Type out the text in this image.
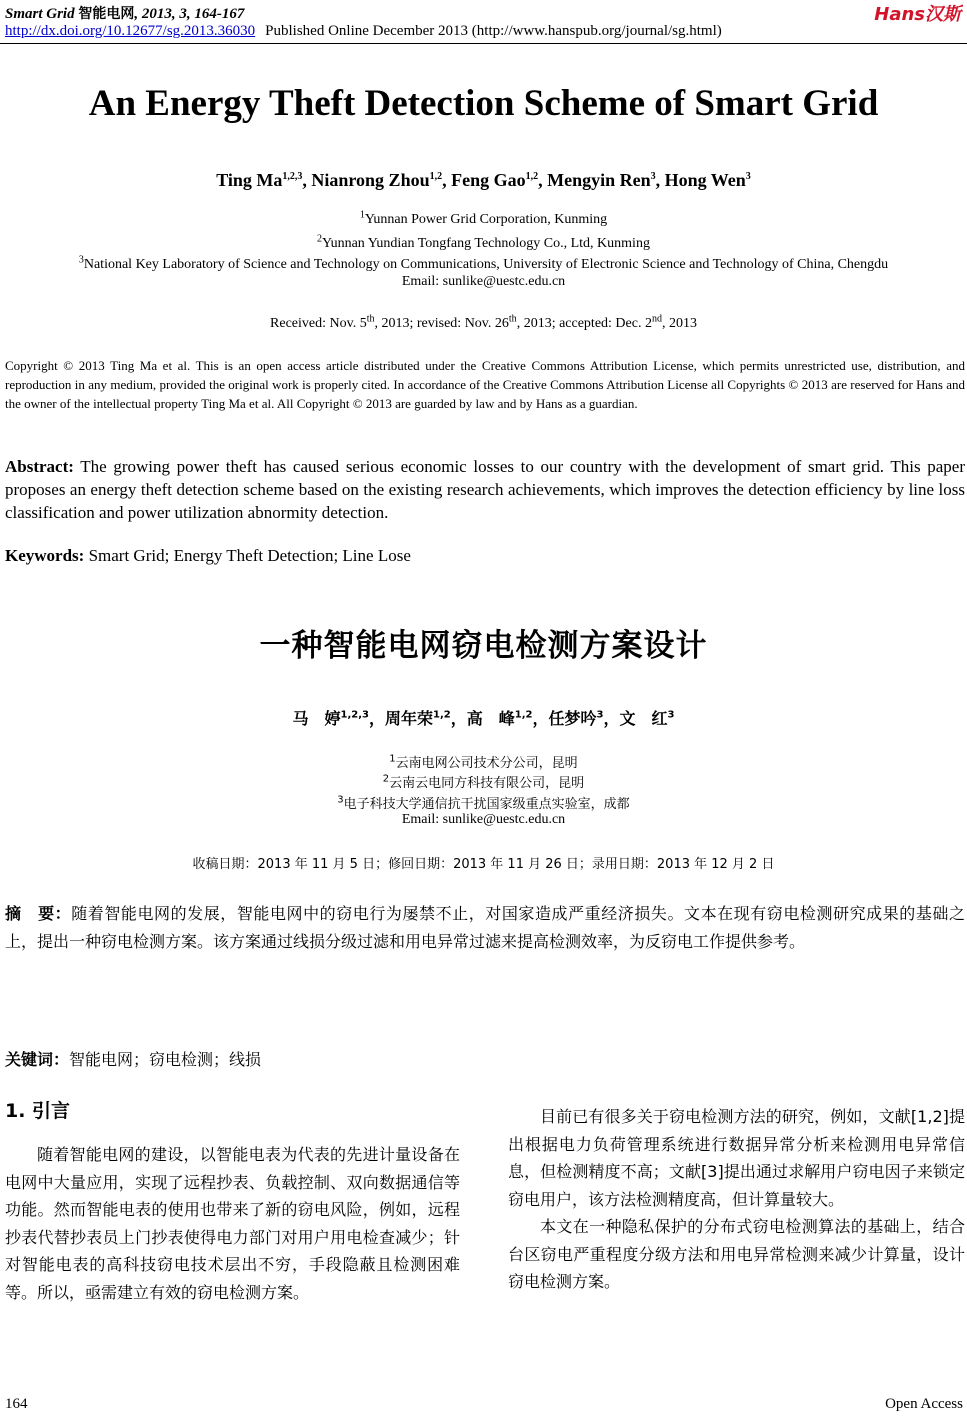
Smart Grid 智能电网, 2013, 3, 164-167
http://dx.doi.org/10.12677/sg.2013.36030 Published Online December 2013 (http://www.hanspub.org/journal/sg.html)
Hans汉斯
An Energy Theft Detection Scheme of Smart Grid
Ting Ma$^{1,2,3}$, Nianrong Zhou$^{1,2}$, Feng Gao$^{1,2}$, Mengyin Ren$^3$, Hong Wen$^3$
$^1$Yunnan Power Grid Corporation, Kunming
$^2$Yunnan Yundian Tongfang Technology Co., Ltd, Kunming
$^3$National Key Laboratory of Science and Technology on Communications, University of Electronic Science and Technology of China, Chengdu
Email: sunlike@uestc.edu.cn
Received: Nov. 5th, 2013; revised: Nov. 26th, 2013; accepted: Dec. 2nd, 2013
Copyright © 2013 Ting Ma et al. This is an open access article distributed under the Creative Commons Attribution License, which permits unrestricted use, distribution, and reproduction in any medium, provided the original work is properly cited. In accordance of the Creative Commons Attribution License all Copyrights © 2013 are reserved for Hans and the owner of the intellectual property Ting Ma et al. All Copyright © 2013 are guarded by law and by Hans as a guardian.
Abstract: The growing power theft has caused serious economic losses to our country with the development of smart grid. This paper proposes an energy theft detection scheme based on the existing research achievements, which improves the detection efficiency by line loss classification and power utilization abnormity detection.
Keywords: Smart Grid; Energy Theft Detection; Line Lose
一种智能电网窃电检测方案设计
马　婷$^{1,2,3}$，周年荣$^{1,2}$，高　峰$^{1,2}$，任梦吟$^3$，文　红$^3$
$^1$云南电网公司技术分公司，昆明
$^2$云南云电同方科技有限公司，昆明
$^3$电子科技大学通信抗干扰国家级重点实验室，成都
Email: sunlike@uestc.edu.cn
收稿日期：2013 年 11 月 5 日；修回日期：2013 年 11 月 26 日；录用日期：2013 年 12 月 2 日
摘　要：随着智能电网的发展，智能电网中的窃电行为屡禁不止，对国家造成严重经济损失。文本在现有窃电检测研究成果的基础之上，提出一种窃电检测方案。该方案通过线损分级过滤和用电异常过滤来提高检测效率，为反窃电工作提供参考。
关键词：智能电网；窃电检测；线损
1. 引言

随着智能电网的建设，以智能电表为代表的先进计量设备在电网中大量应用，实现了远程抄表、负载控制、双向数据通信等功能。然而智能电表的使用也带来了新的窃电风险，例如，远程抄表代替抄表员上门抄表使得电力部门对用户用电检查减少；针对智能电表的高科技窃电技术层出不穷，手段隐蔽且检测困难等。所以，亟需建立有效的窃电检测方案。

目前已有很多关于窃电检测方法的研究，例如，文献[1,2]提出根据电力负荷管理系统进行数据异常分析来检测用电异常信息，但检测精度不高；文献[3]提出通过求解用户窃电因子来锁定窃电用户，该方法检测精度高，但计算量较大。

本文在一种隐私保护的分布式窃电检测算法的基础上，结合台区窃电严重程度分级方法和用电异常检测来减少计算量，设计窃电检测方案。

164	Open Access
